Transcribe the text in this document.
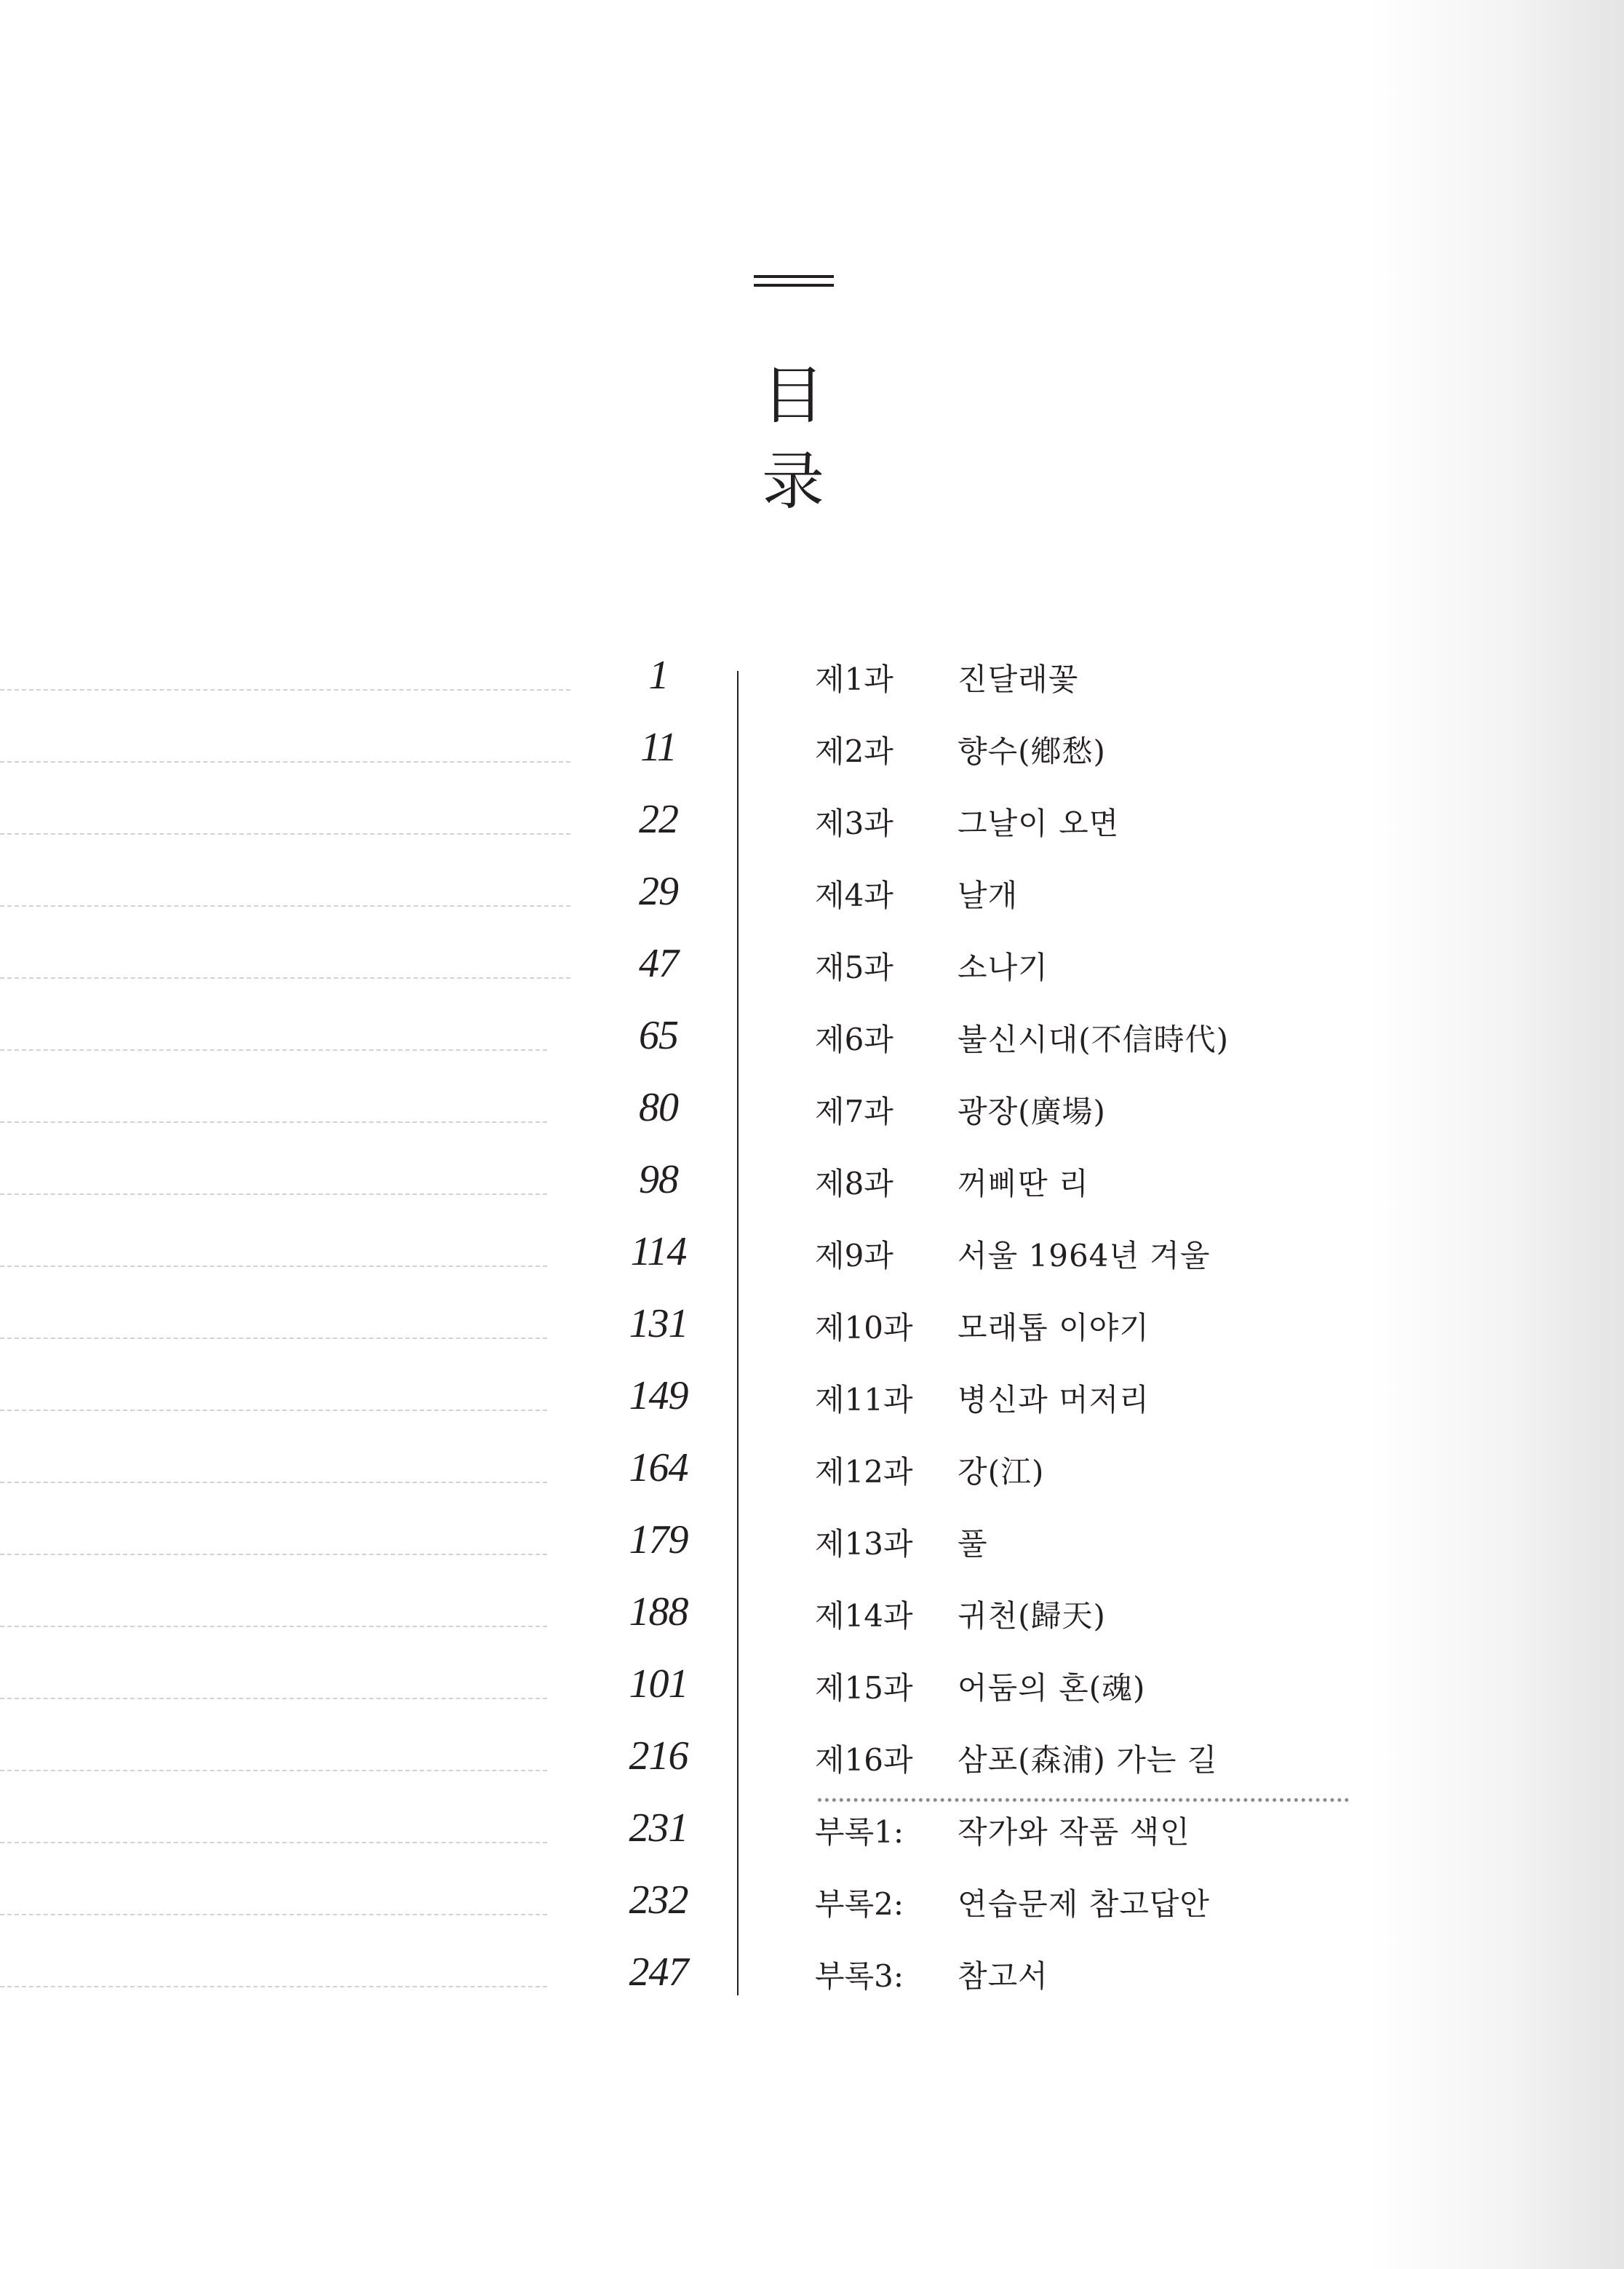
目
录
1	제1과 진달래꽃
11	제2과 향수(鄕愁)
22	제3과 그날이 오면
29	제4과 날개
47	재5과 소나기
65	제6과 불신시대(不信時代)
80	제7과 광장(廣場)
98	제8과 꺼삐딴 리
114	제9과 서울 1964년 겨울
131	제10과 모래톱 이야기
149	제11과 병신과 머저리
164	제12과 강(江)
179	제13과 풀
188	제14과 귀천(歸天)
101	제15과 어둠의 혼(魂)
216	제16과 삼포(森浦) 가는 길
231	부록1: 작가와 작품 색인
232	부록2: 연습문제 참고답안
247	부록3: 참고서
